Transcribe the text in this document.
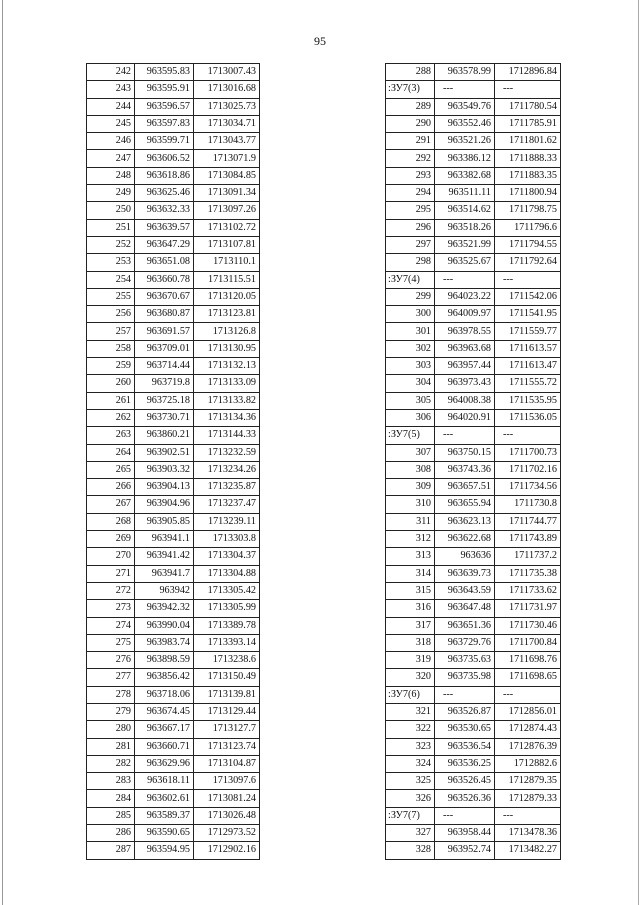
95
242	963595.83	1713007.43
243	963595.91	1713016.68
244	963596.57	1713025.73
245	963597.83	1713034.71
246	963599.71	1713043.77
247	963606.52	1713071.9
248	963618.86	1713084.85
249	963625.46	1713091.34
250	963632.33	1713097.26
251	963639.57	1713102.72
252	963647.29	1713107.81
253	963651.08	1713110.1
254	963660.78	1713115.51
255	963670.67	1713120.05
256	963680.87	1713123.81
257	963691.57	1713126.8
258	963709.01	1713130.95
259	963714.44	1713132.13
260	963719.8	1713133.09
261	963725.18	1713133.82
262	963730.71	1713134.36
263	963860.21	1713144.33
264	963902.51	1713232.59
265	963903.32	1713234.26
266	963904.13	1713235.87
267	963904.96	1713237.47
268	963905.85	1713239.11
269	963941.1	1713303.8
270	963941.42	1713304.37
271	963941.7	1713304.88
272	963942	1713305.42
273	963942.32	1713305.99
274	963990.04	1713389.78
275	963983.74	1713393.14
276	963898.59	1713238.6
277	963856.42	1713150.49
278	963718.06	1713139.81
279	963674.45	1713129.44
280	963667.17	1713127.7
281	963660.71	1713123.74
282	963629.96	1713104.87
283	963618.11	1713097.6
284	963602.61	1713081.24
285	963589.37	1713026.48
286	963590.65	1712973.52
287	963594.95	1712902.16
288	963578.99	1712896.84
:ЗУ7(3)	---	---
289	963549.76	1711780.54
290	963552.46	1711785.91
291	963521.26	1711801.62
292	963386.12	1711888.33
293	963382.68	1711883.35
294	963511.11	1711800.94
295	963514.62	1711798.75
296	963518.26	1711796.6
297	963521.99	1711794.55
298	963525.67	1711792.64
:ЗУ7(4)	---	---
299	964023.22	1711542.06
300	964009.97	1711541.95
301	963978.55	1711559.77
302	963963.68	1711613.57
303	963957.44	1711613.47
304	963973.43	1711555.72
305	964008.38	1711535.95
306	964020.91	1711536.05
:ЗУ7(5)	---	---
307	963750.15	1711700.73
308	963743.36	1711702.16
309	963657.51	1711734.56
310	963655.94	1711730.8
311	963623.13	1711744.77
312	963622.68	1711743.89
313	963636	1711737.2
314	963639.73	1711735.38
315	963643.59	1711733.62
316	963647.48	1711731.97
317	963651.36	1711730.46
318	963729.76	1711700.84
319	963735.63	1711698.76
320	963735.98	1711698.65
:ЗУ7(6)	---	---
321	963526.87	1712856.01
322	963530.65	1712874.43
323	963536.54	1712876.39
324	963536.25	1712882.6
325	963526.45	1712879.35
326	963526.36	1712879.33
:ЗУ7(7)	---	---
327	963958.44	1713478.36
328	963952.74	1713482.27
